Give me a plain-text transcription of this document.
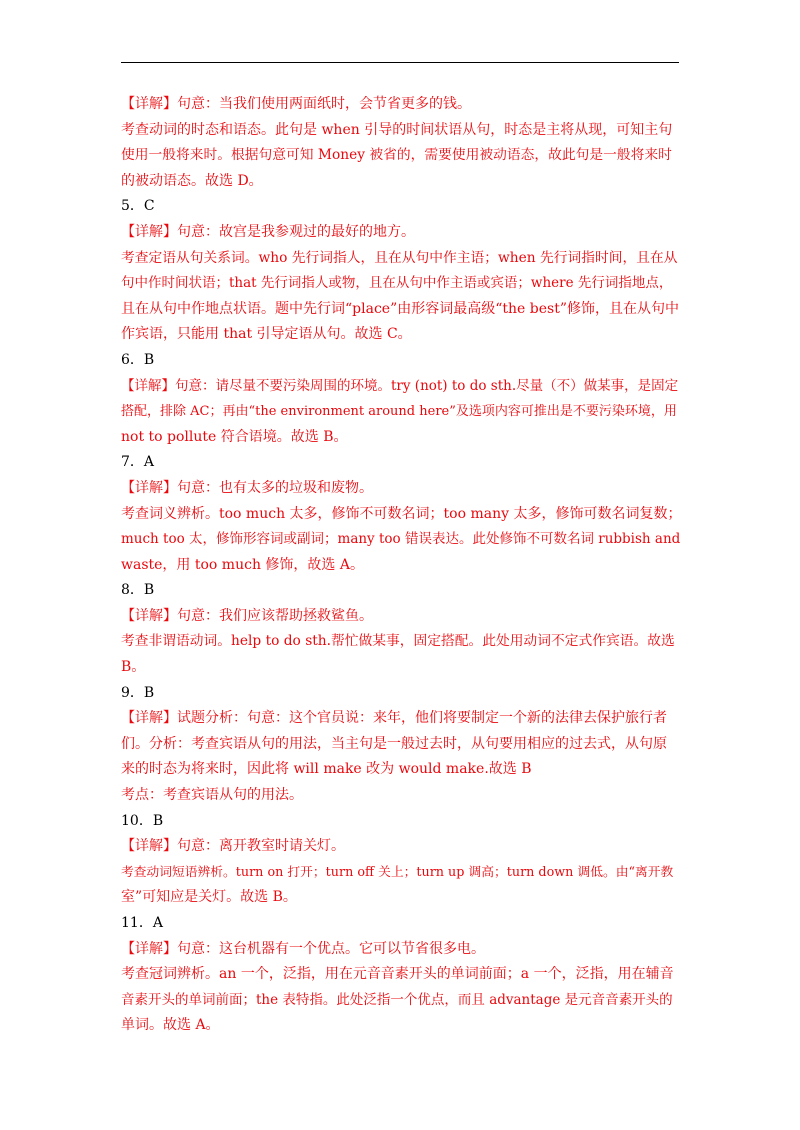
【详解】句意：当我们使用两面纸时，会节省更多的钱。

考查动词的时态和语态。此句是 when 引导的时间状语从句，时态是主将从现，可知主句

使用一般将来时。根据句意可知 Money 被省的，需要使用被动语态，故此句是一般将来时

的被动语态。故选 D。

5．C

【详解】句意：故宫是我参观过的最好的地方。

考查定语从句关系词。who 先行词指人，且在从句中作主语；when 先行词指时间，且在从

句中作时间状语；that 先行词指人或物，且在从句中作主语或宾语；where 先行词指地点，

且在从句中作地点状语。题中先行词“place”由形容词最高级“the best”修饰，且在从句中

作宾语，只能用 that 引导定语从句。故选 C。

6．B

【详解】句意：请尽量不要污染周围的环境。try (not) to do sth.尽量（不）做某事，是固定

搭配，排除 AC；再由“the environment around here”及选项内容可推出是不要污染环境，用

not to pollute 符合语境。故选 B。

7．A

【详解】句意：也有太多的垃圾和废物。

考查词义辨析。too much 太多，修饰不可数名词；too many 太多，修饰可数名词复数；

much too 太，修饰形容词或副词；many too 错误表达。此处修饰不可数名词 rubbish and

waste，用 too much 修饰，故选 A。

8．B

【详解】句意：我们应该帮助拯救鲨鱼。

考查非谓语动词。help to do sth.帮忙做某事，固定搭配。此处用动词不定式作宾语。故选

B。

9．B

【详解】试题分析：句意：这个官员说：来年，他们将要制定一个新的法律去保护旅行者

们。分析：考查宾语从句的用法，当主句是一般过去时，从句要用相应的过去式，从句原

来的时态为将来时，因此将 will make 改为 would make.故选 B

考点：考查宾语从句的用法。

10．B

【详解】句意：离开教室时请关灯。

考查动词短语辨析。turn on 打开；turn off 关上；turn up 调高；turn down 调低。由“离开教

室”可知应是关灯。故选 B。

11．A

【详解】句意：这台机器有一个优点。它可以节省很多电。

考查冠词辨析。an 一个，泛指，用在元音音素开头的单词前面；a 一个，泛指，用在辅音

音素开头的单词前面；the 表特指。此处泛指一个优点，而且 advantage 是元音音素开头的

单词。故选 A。
